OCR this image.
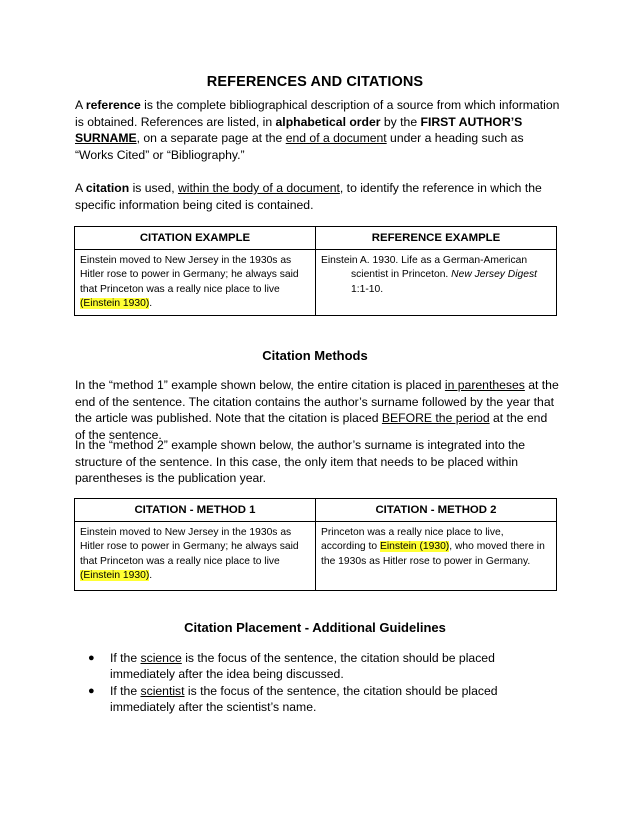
REFERENCES AND CITATIONS

A reference is the complete bibliographical description of a source from which information is obtained. References are listed, in alphabetical order by the FIRST AUTHOR’S SURNAME, on a separate page at the end of a document under a heading such as “Works Cited” or “Bibliography.”

A citation is used, within the body of a document, to identify the reference in which the specific information being cited is contained.

CITATION EXAMPLE	REFERENCE EXAMPLE
Einstein moved to New Jersey in the 1930s as Hitler rose to power in Germany; he always said that Princeton was a really nice place to live (Einstein 1930).	Einstein A. 1930. Life as a German-American scientist in Princeton. New Jersey Digest 1:1-10.
Citation Methods

In the “method 1” example shown below, the entire citation is placed in parentheses at the end of the sentence. The citation contains the author’s surname followed by the year that the article was published. Note that the citation is placed BEFORE the period at the end of the sentence.

In the “method 2” example shown below, the author’s surname is integrated into the structure of the sentence. In this case, the only item that needs to be placed within parentheses is the publication year.

CITATION - METHOD 1	CITATION - METHOD 2
Einstein moved to New Jersey in the 1930s as Hitler rose to power in Germany; he always said that Princeton was a really nice place to live (Einstein 1930).	Princeton was a really nice place to live, according to Einstein (1930), who moved there in the 1930s as Hitler rose to power in Germany.
Citation Placement - Additional Guidelines
● If the science is the focus of the sentence, the citation should be placed immediately after the idea being discussed.
● If the scientist is the focus of the sentence, the citation should be placed immediately after the scientist’s name.
